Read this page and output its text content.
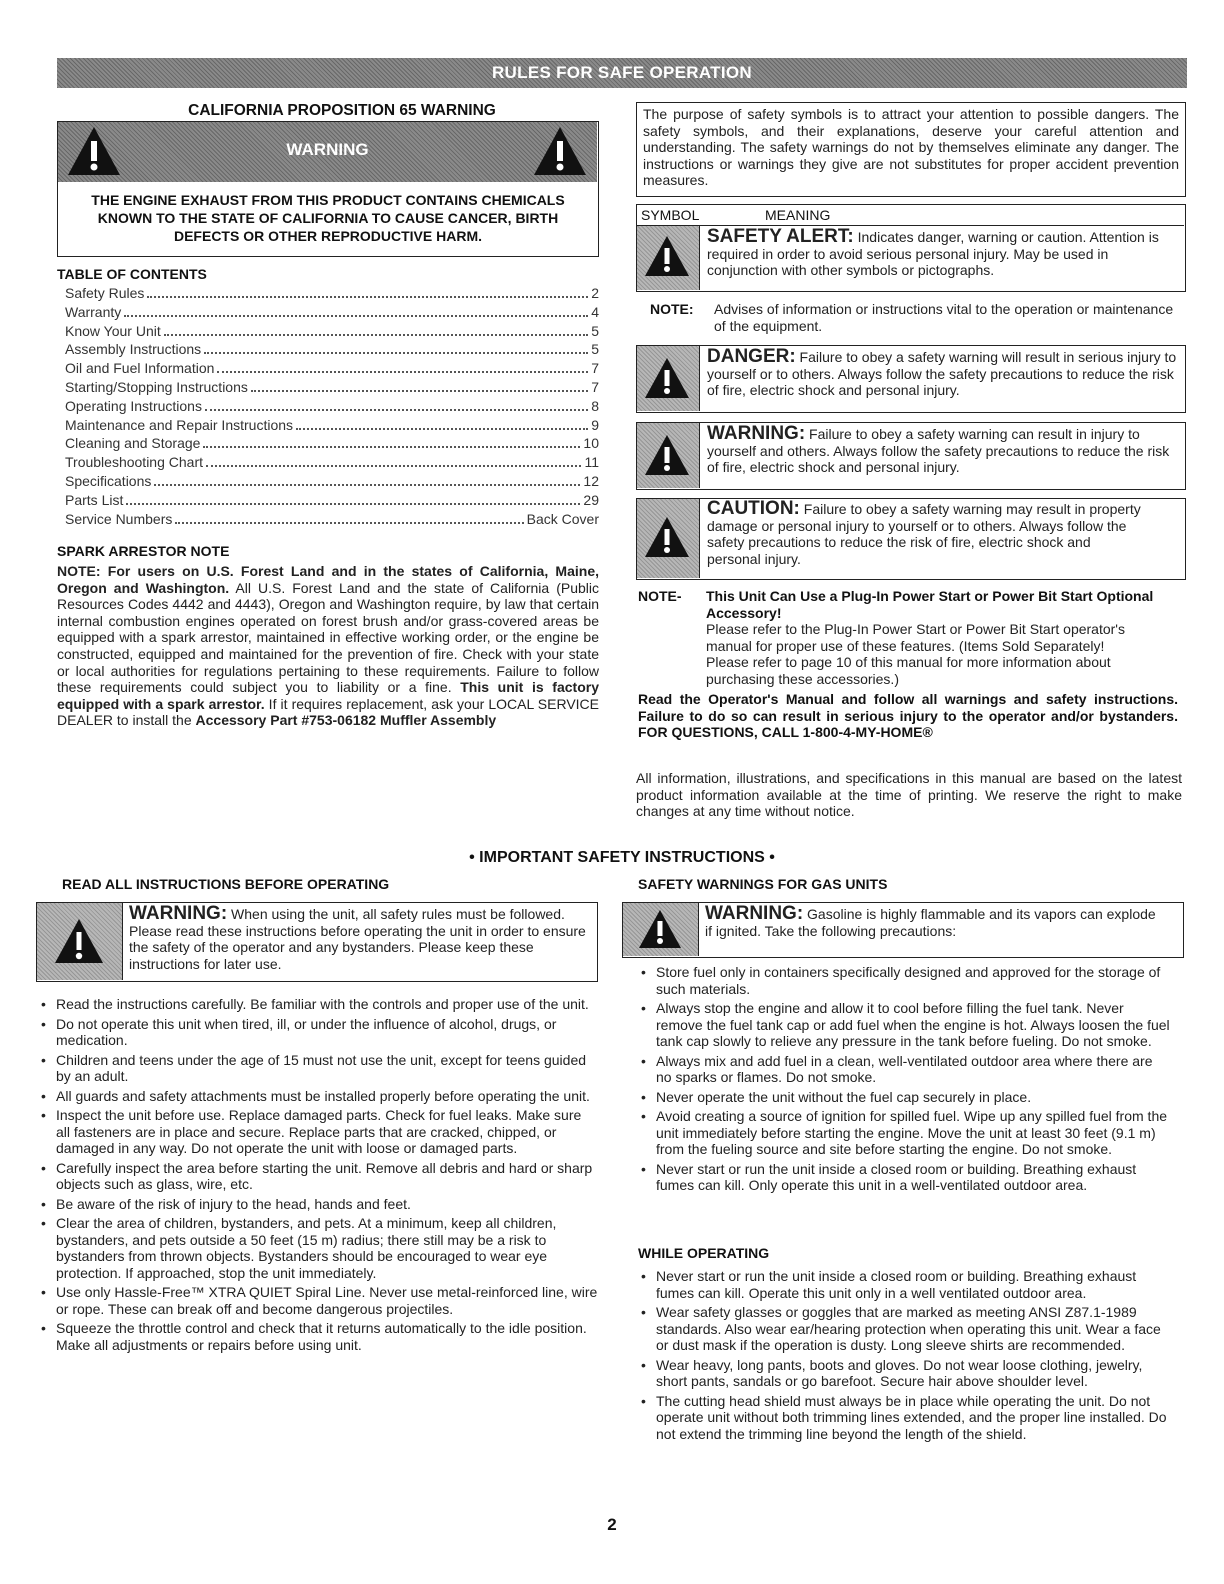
RULES FOR SAFE OPERATION
CALIFORNIA PROPOSITION 65 WARNING
WARNING
THE ENGINE EXHAUST FROM THIS PRODUCT CONTAINS CHEMICALS KNOWN TO THE STATE OF CALIFORNIA TO CAUSE CANCER, BIRTH DEFECTS OR OTHER REPRODUCTIVE HARM.
TABLE OF CONTENTS
Safety Rules	2
Warranty	4
Know Your Unit	5
Assembly Instructions	5
Oil and Fuel Information	7
Starting/Stopping Instructions	7
Operating Instructions	8
Maintenance and Repair Instructions	9
Cleaning and Storage	10
Troubleshooting Chart	11
Specifications	12
Parts List	29
Service Numbers	Back Cover
SPARK ARRESTOR NOTE
NOTE: For users on U.S. Forest Land and in the states of California, Maine, Oregon and Washington. All U.S. Forest Land and the state of California (Public Resources Codes 4442 and 4443), Oregon and Washington require, by law that certain internal combustion engines operated on forest brush and/or grass-covered areas be equipped with a spark arrestor, maintained in effective working order, or the engine be constructed, equipped and maintained for the prevention of fire. Check with your state or local authorities for regulations pertaining to these requirements. Failure to follow these requirements could subject you to liability or a fine. This unit is factory equipped with a spark arrestor. If it requires replacement, ask your LOCAL SERVICE DEALER to install the Accessory Part #753-06182 Muffler Assembly
The purpose of safety symbols is to attract your attention to possible dangers. The safety symbols, and their explanations, deserve your careful attention and understanding. The safety warnings do not by themselves eliminate any danger. The instructions or warnings they give are not substitutes for proper accident prevention measures.
SYMBOL	MEANING
SAFETY ALERT: Indicates danger, warning or caution. Attention is required in order to avoid serious personal injury. May be used in conjunction with other symbols or pictographs.
NOTE: Advises of information or instructions vital to the operation or maintenance of the equipment.
DANGER: Failure to obey a safety warning will result in serious injury to yourself or to others. Always follow the safety precautions to reduce the risk of fire, electric shock and personal injury.
WARNING: Failure to obey a safety warning can result in injury to yourself and others. Always follow the safety precautions to reduce the risk of fire, electric shock and personal injury.
CAUTION: Failure to obey a safety warning may result in property damage or personal injury to yourself or to others. Always follow the safety precautions to reduce the risk of fire, electric shock and personal injury.
NOTE- This Unit Can Use a Plug-In Power Start or Power Bit Start Optional Accessory!
Please refer to the Plug-In Power Start or Power Bit Start operator's manual for proper use of these features. (Items Sold Separately! Please refer to page 10 of this manual for more information about purchasing these accessories.)
Read the Operator's Manual and follow all warnings and safety instructions. Failure to do so can result in serious injury to the operator and/or bystanders. FOR QUESTIONS, CALL 1-800-4-MY-HOME®
All information, illustrations, and specifications in this manual are based on the latest product information available at the time of printing. We reserve the right to make changes at any time without notice.
• IMPORTANT SAFETY INSTRUCTIONS •
READ ALL INSTRUCTIONS BEFORE OPERATING
WARNING: When using the unit, all safety rules must be followed. Please read these instructions before operating the unit in order to ensure the safety of the operator and any bystanders. Please keep these instructions for later use.
• Read the instructions carefully. Be familiar with the controls and proper use of the unit.
• Do not operate this unit when tired, ill, or under the influence of alcohol, drugs, or medication.
• Children and teens under the age of 15 must not use the unit, except for teens guided by an adult.
• All guards and safety attachments must be installed properly before operating the unit.
• Inspect the unit before use. Replace damaged parts. Check for fuel leaks. Make sure all fasteners are in place and secure. Replace parts that are cracked, chipped, or damaged in any way. Do not operate the unit with loose or damaged parts.
• Carefully inspect the area before starting the unit. Remove all debris and hard or sharp objects such as glass, wire, etc.
• Be aware of the risk of injury to the head, hands and feet.
• Clear the area of children, bystanders, and pets. At a minimum, keep all children, bystanders, and pets outside a 50 feet (15 m) radius; there still may be a risk to bystanders from thrown objects. Bystanders should be encouraged to wear eye protection. If approached, stop the unit immediately.
• Use only Hassle-Free™ XTRA QUIET Spiral Line. Never use metal-reinforced line, wire or rope. These can break off and become dangerous projectiles.
• Squeeze the throttle control and check that it returns automatically to the idle position. Make all adjustments or repairs before using unit.
SAFETY WARNINGS FOR GAS UNITS
WARNING: Gasoline is highly flammable and its vapors can explode if ignited. Take the following precautions:
• Store fuel only in containers specifically designed and approved for the storage of such materials.
• Always stop the engine and allow it to cool before filling the fuel tank. Never remove the fuel tank cap or add fuel when the engine is hot. Always loosen the fuel tank cap slowly to relieve any pressure in the tank before fueling. Do not smoke.
• Always mix and add fuel in a clean, well-ventilated outdoor area where there are no sparks or flames. Do not smoke.
• Never operate the unit without the fuel cap securely in place.
• Avoid creating a source of ignition for spilled fuel. Wipe up any spilled fuel from the unit immediately before starting the engine. Move the unit at least 30 feet (9.1 m) from the fueling source and site before starting the engine. Do not smoke.
• Never start or run the unit inside a closed room or building. Breathing exhaust fumes can kill. Only operate this unit in a well-ventilated outdoor area.
WHILE OPERATING
• Never start or run the unit inside a closed room or building. Breathing exhaust fumes can kill. Operate this unit only in a well ventilated outdoor area.
• Wear safety glasses or goggles that are marked as meeting ANSI Z87.1-1989 standards. Also wear ear/hearing protection when operating this unit. Wear a face or dust mask if the operation is dusty. Long sleeve shirts are recommended.
• Wear heavy, long pants, boots and gloves. Do not wear loose clothing, jewelry, short pants, sandals or go barefoot. Secure hair above shoulder level.
• The cutting head shield must always be in place while operating the unit. Do not operate unit without both trimming lines extended, and the proper line installed. Do not extend the trimming line beyond the length of the shield.
2
